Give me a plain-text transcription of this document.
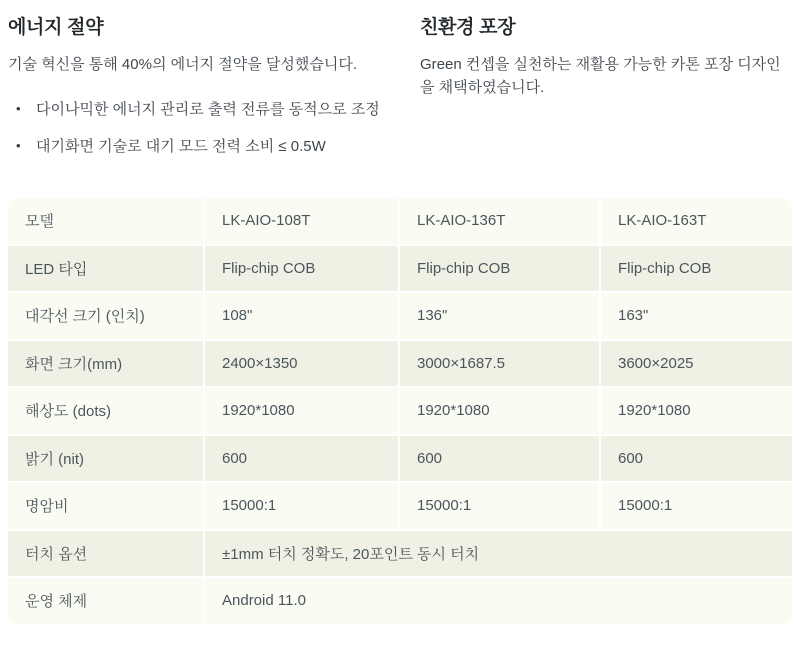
에너지 절약

기술 혁신을 통해 40%의 에너지 절약을 달성했습니다.

• 다이나믹한 에너지 관리로 출력 전류를 동적으로 조정
• 대기화면 기술로 대기 모드 전력 소비 ≤ 0.5W
친환경 포장

Green 컨셉을 실천하는 재활용 가능한 카톤 포장 디자인을 채택하였습니다.

모델	LK-AIO-108T	LK-AIO-136T	LK-AIO-163T
LED 타입	Flip-chip COB	Flip-chip COB	Flip-chip COB
대각선 크기 (인치)	108"	136"	163"
화면 크기(mm)	2400×1350	3000×1687.5	3600×2025
해상도 (dots)	1920*1080	1920*1080	1920*1080
밝기 (nit)	600	600	600
명암비	15000:1	15000:1	15000:1
터치 옵션	±1mm 터치 정확도, 20포인트 동시 터치
운영 체제	Android 11.0
